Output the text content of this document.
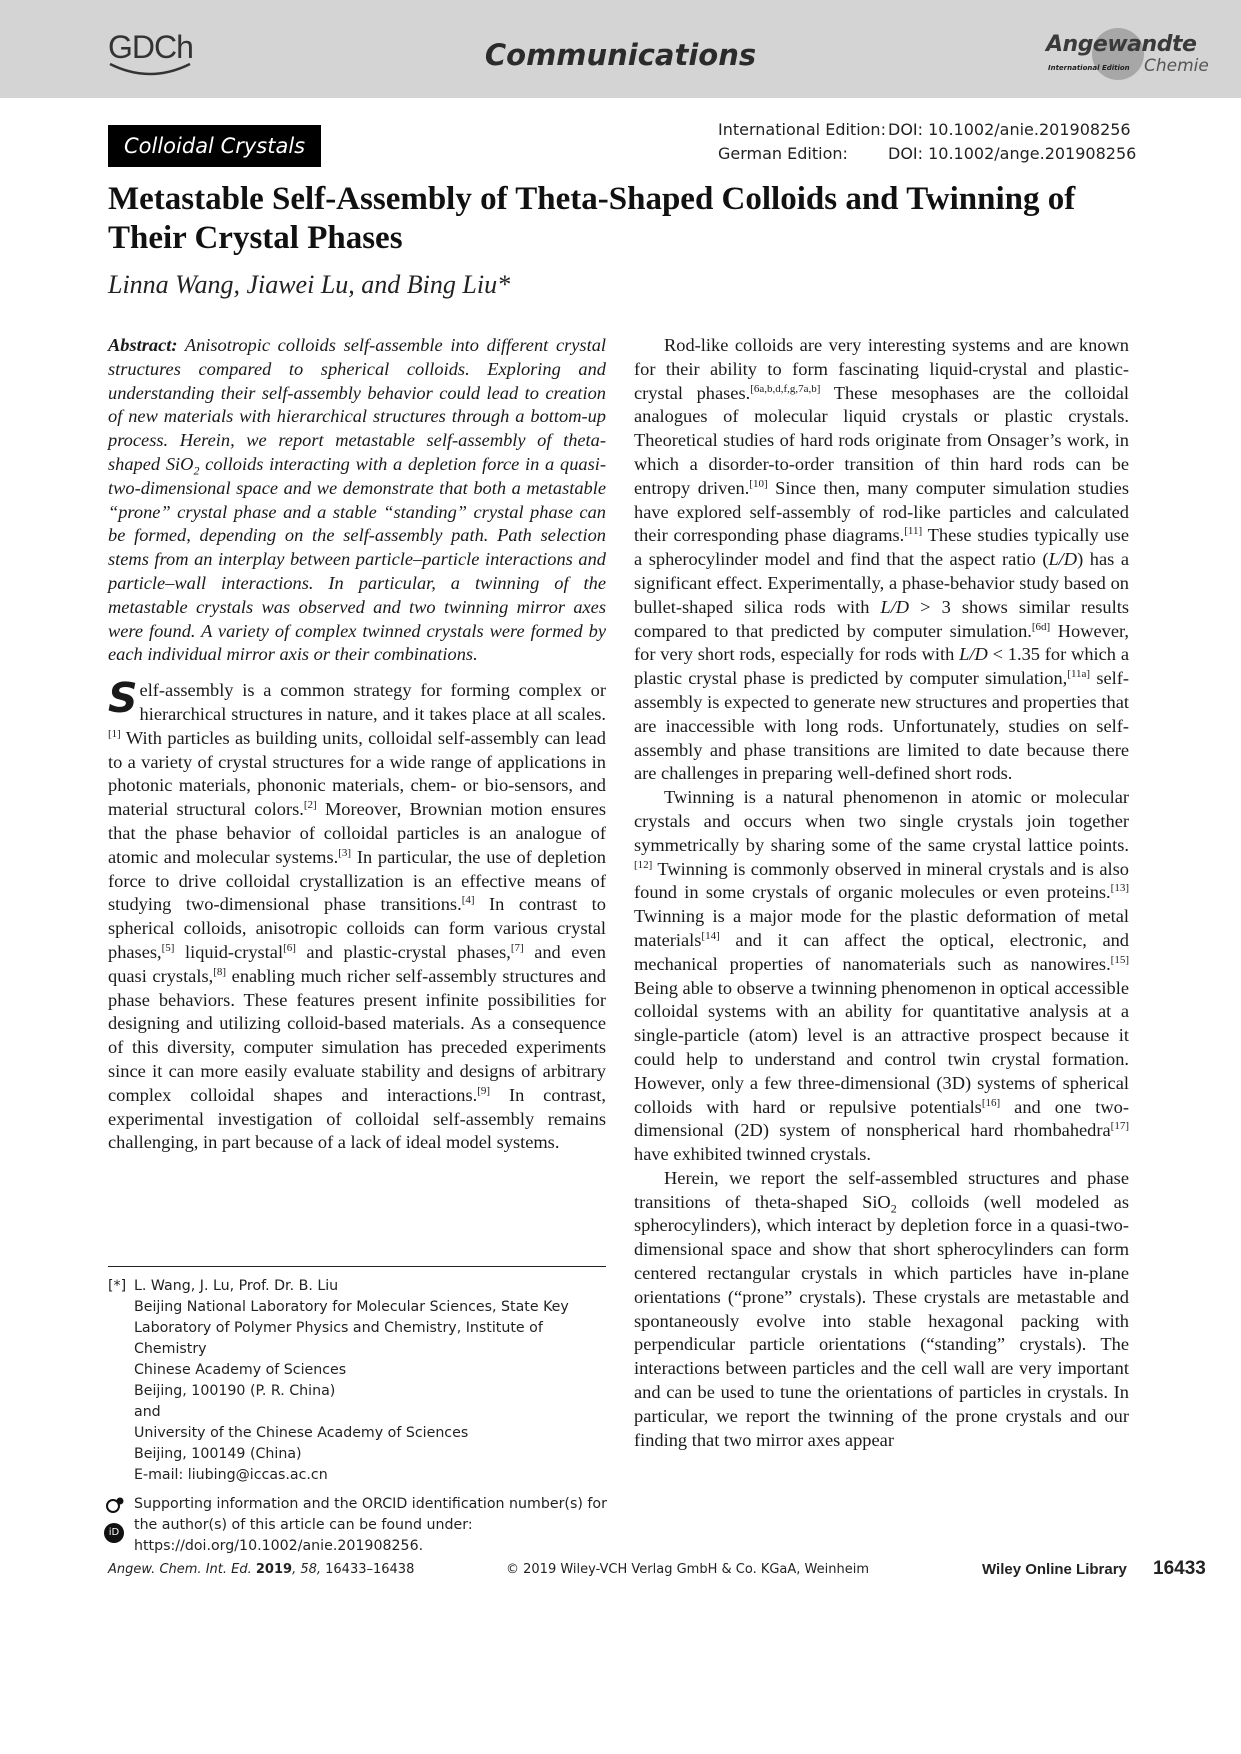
GDCh	Communications	Angewandte
International Edition Chemie
Colloidal Crystals
International Edition: DOI: 10.1002/anie.201908256
German Edition:	DOI: 10.1002/ange.201908256
Metastable Self-Assembly of Theta-Shaped Colloids and Twinning of Their Crystal Phases
Linna Wang, Jiawei Lu, and Bing Liu*

Abstract: Anisotropic colloids self-assemble into different crystal structures compared to spherical colloids. Exploring and understanding their self-assembly behavior could lead to creation of new materials with hierarchical structures through a bottom-up process. Herein, we report metastable self-assembly of theta-shaped SiO$_2$ colloids interacting with a depletion force in a quasi-two-dimensional space and we demonstrate that both a metastable “prone” crystal phase and a stable “standing” crystal phase can be formed, depending on the self-assembly path. Path selection stems from an interplay between particle–particle interactions and particle–wall interactions. In particular, a twinning of the metastable crystals was observed and two twinning mirror axes were found. A variety of complex twinned crystals were formed by each individual mirror axis or their combinations.

Self-assembly is a common strategy for forming complex or hierarchical structures in nature, and it takes place at all scales.[1] With particles as building units, colloidal self-assembly can lead to a variety of crystal structures for a wide range of applications in photonic materials, phononic materials, chem- or bio-sensors, and material structural colors.[2] Moreover, Brownian motion ensures that the phase behavior of colloidal particles is an analogue of atomic and molecular systems.[3] In particular, the use of depletion force to drive colloidal crystallization is an effective means of studying two-dimensional phase transitions.[4] In contrast to spherical colloids, anisotropic colloids can form various crystal phases,[5] liquid-crystal[6] and plastic-crystal phases,[7] and even quasi crystals,[8] enabling much richer self-assembly structures and phase behaviors. These features present infinite possibilities for designing and utilizing colloid-based materials. As a consequence of this diversity, computer simulation has preceded experiments since it can more easily evaluate stability and designs of arbitrary complex colloidal shapes and interactions.[9] In contrast, experimental investigation of colloidal self-assembly remains challenging, in part because of a lack of ideal model systems.

[*] L. Wang, J. Lu, Prof. Dr. B. Liu
Beijing National Laboratory for Molecular Sciences, State Key
Laboratory of Polymer Physics and Chemistry, Institute of Chemistry
Chinese Academy of Sciences
Beijing, 100190 (P. R. China)
and
University of the Chinese Academy of Sciences
Beijing, 100149 (China)
E-mail: liubing@iccas.ac.cn
iD
Supporting information and the ORCID identification number(s) for
the author(s) of this article can be found under:
https://doi.org/10.1002/anie.201908256.

Rod-like colloids are very interesting systems and are known for their ability to form fascinating liquid-crystal and plastic-crystal phases.[6a,b,d,f,g,7a,b] These mesophases are the colloidal analogues of molecular liquid crystals or plastic crystals. Theoretical studies of hard rods originate from Onsager’s work, in which a disorder-to-order transition of thin hard rods can be entropy driven.[10] Since then, many computer simulation studies have explored self-assembly of rod-like particles and calculated their corresponding phase diagrams.[11] These studies typically use a spherocylinder model and find that the aspect ratio (L/D) has a significant effect. Experimentally, a phase-behavior study based on bullet-shaped silica rods with L/D > 3 shows similar results compared to that predicted by computer simulation.[6d] However, for very short rods, especially for rods with L/D < 1.35 for which a plastic crystal phase is predicted by computer simulation,[11a] self-assembly is expected to generate new structures and properties that are inaccessible with long rods. Unfortunately, studies on self-assembly and phase transitions are limited to date because there are challenges in preparing well-defined short rods.

Twinning is a natural phenomenon in atomic or molecular crystals and occurs when two single crystals join together symmetrically by sharing some of the same crystal lattice points.[12] Twinning is commonly observed in mineral crystals and is also found in some crystals of organic molecules or even proteins.[13] Twinning is a major mode for the plastic deformation of metal materials[14] and it can affect the optical, electronic, and mechanical properties of nanomaterials such as nanowires.[15] Being able to observe a twinning phenomenon in optical accessible colloidal systems with an ability for quantitative analysis at a single-particle (atom) level is an attractive prospect because it could help to understand and control twin crystal formation. However, only a few three-dimensional (3D) systems of spherical colloids with hard or repulsive potentials[16] and one two-dimensional (2D) system of nonspherical hard rhombahedra[17] have exhibited twinned crystals.

Herein, we report the self-assembled structures and phase transitions of theta-shaped SiO$_2$ colloids (well modeled as spherocylinders), which interact by depletion force in a quasi-two-dimensional space and show that short spherocylinders can form centered rectangular crystals in which particles have in-plane orientations (“prone” crystals). These crystals are metastable and spontaneously evolve into stable hexagonal packing with perpendicular particle orientations (“standing” crystals). The interactions between particles and the cell wall are very important and can be used to tune the orientations of particles in crystals. In particular, we report the twinning of the prone crystals and our finding that two mirror axes appear

Angew. Chem. Int. Ed. 2019, 58, 16433–16438	© 2019 Wiley-VCH Verlag GmbH & Co. KGaA, Weinheim	Wiley Online Library 16433
